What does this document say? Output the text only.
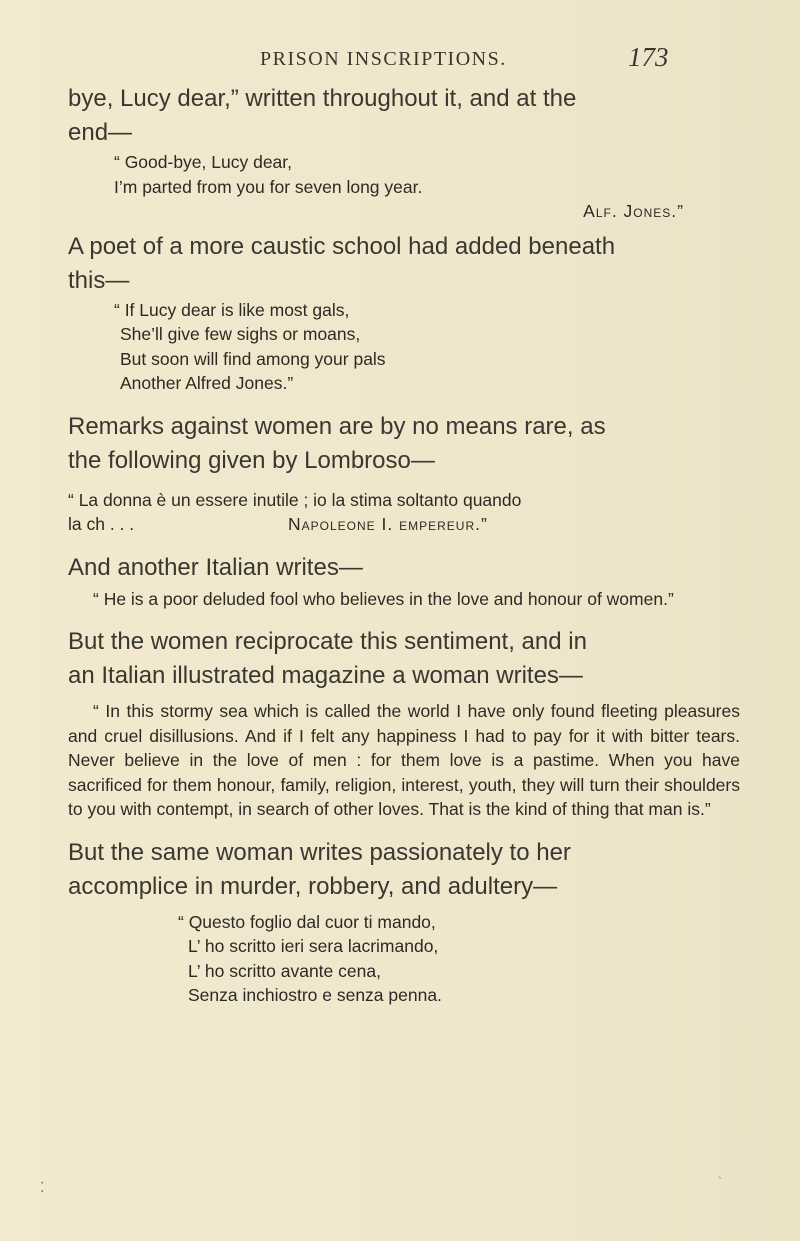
PRISON INSCRIPTIONS.	173

bye, Lucy dear,” written throughout it, and at the
end—

“ Good-bye, Lucy dear,
I’m parted from you for seven long year.
Alf. Jones.”

A poet of a more caustic school had added beneath
this—

“ If Lucy dear is like most gals,
She’ll give few sighs or moans,
But soon will find among your pals
Another Alfred Jones.”

Remarks against women are by no means rare, as
the following given by Lombroso—

“ La donna è un essere inutile ; io la stima soltanto quando
la ch . . .	Napoleone I. empereur.”

And another Italian writes—

“ He is a poor deluded fool who believes in the love and honour of women.”

But the women reciprocate this sentiment, and in
an Italian illustrated magazine a woman writes—

“ In this stormy sea which is called the world I have only found fleeting pleasures and cruel disillusions. And if I felt any happiness I had to pay for it with bitter tears. Never believe in the love of men : for them love is a pastime. When you have sacrificed for them honour, family, religion, interest, youth, they will turn their shoulders to you with contempt, in search of other loves. That is the kind of thing that man is.”

But the same woman writes passionately to her
accomplice in murder, robbery, and adultery—

“ Questo foglio dal cuor ti mando,
L’ ho scritto ieri sera lacrimando,
L’ ho scritto avante cena,
Senza inchiostro e senza penna.
⁚
ˎ
